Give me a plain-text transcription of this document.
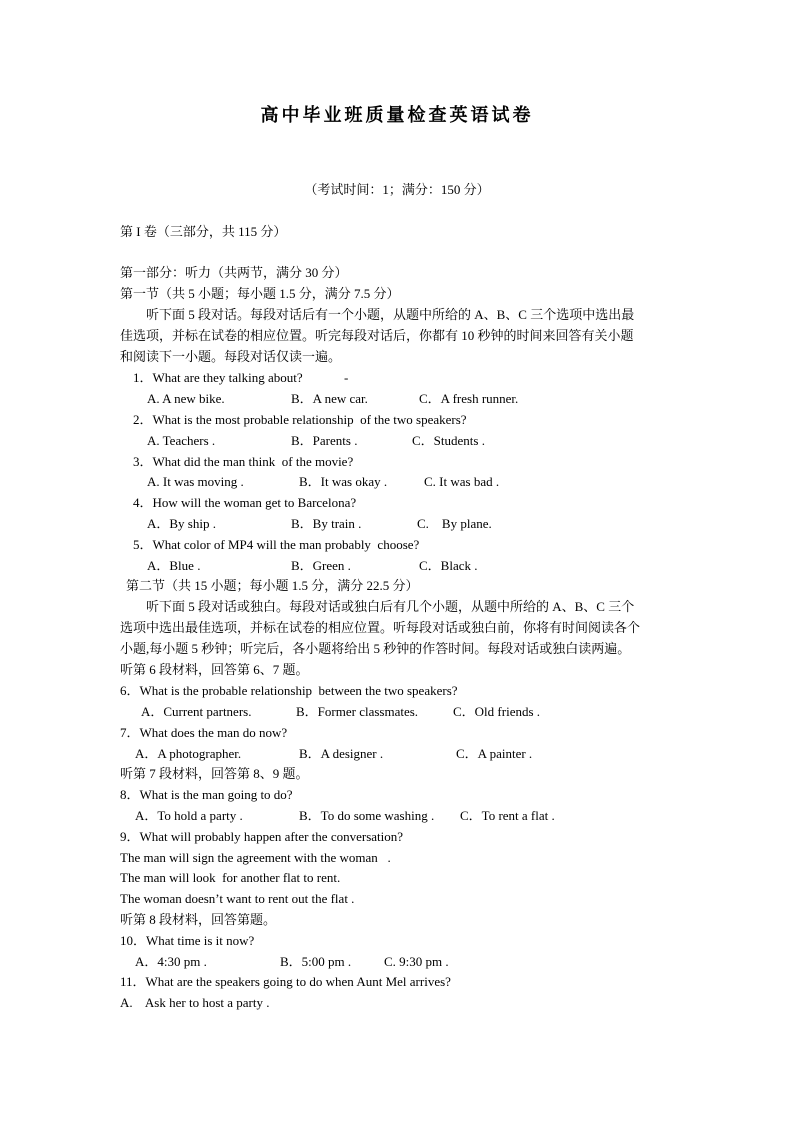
高中毕业班质量检查英语试卷
（考试时间：1；满分：150 分）
第 I 卷（三部分，共 115 分）
第一部分：听力（共两节，满分 30 分）
第一节（共 5 小题；每小题 1.5 分，满分 7.5 分）
听下面 5 段对话。每段对话后有一个小题，从题中所给的 A、B、C 三个选项中选出最
佳选项，并标在试卷的相应位置。听完每段对话后，你都有 10 秒钟的时间来回答有关小题
和阅读下一小题。每段对话仅读一遍。
1．What are they talking about?	-
A. A new bike.	B．A new car.	C．A fresh runner.
2．What is the most probable relationship  of the two speakers?
A. Teachers .	B．Parents .	C．Students .
3．What did the man think  of the movie?
A. It was moving .	B．It was okay .	C. It was bad .
4．How will the woman get to Barcelona?
A．By ship .	B．By train .	C.    By plane.
5．What color of MP4 will the man probably  choose?
A．Blue .	B．Green .	C．Black .
第二节（共 15 小题；每小题 1.5 分，满分 22.5 分）
听下面 5 段对话或独白。每段对话或独白后有几个小题，从题中所给的 A、B、C 三个
选项中选出最佳选项，并标在试卷的相应位置。听每段对话或独白前，你将有时间阅读各个
小题,每小题 5 秒钟；听完后，各小题将给出 5 秒钟的作答时间。每段对话或独白读两遍。
听第 6 段材料，回答第 6、7 题。
6．What is the probable relationship  between the two speakers?
A．Current partners.	B．Former classmates.	C．Old friends .
7．What does the man do now?
A．A photographer.	B．A designer .	C．A painter .
听第 7 段材料，回答第 8、9 题。
8．What is the man going to do?
A．To hold a party .	B．To do some washing . C．To rent a flat .
9．What will probably happen after the conversation?
The man will sign the agreement with the woman   .
The man will look  for another flat to rent.
The woman doesn’t want to rent out the flat .
听第 8 段材料，回答第题。
10．What time is it now?
A．4:30 pm .	B．5:00 pm .	C. 9:30 pm .
11．What are the speakers going to do when Aunt Mel arrives?
A.    Ask her to host a party .
